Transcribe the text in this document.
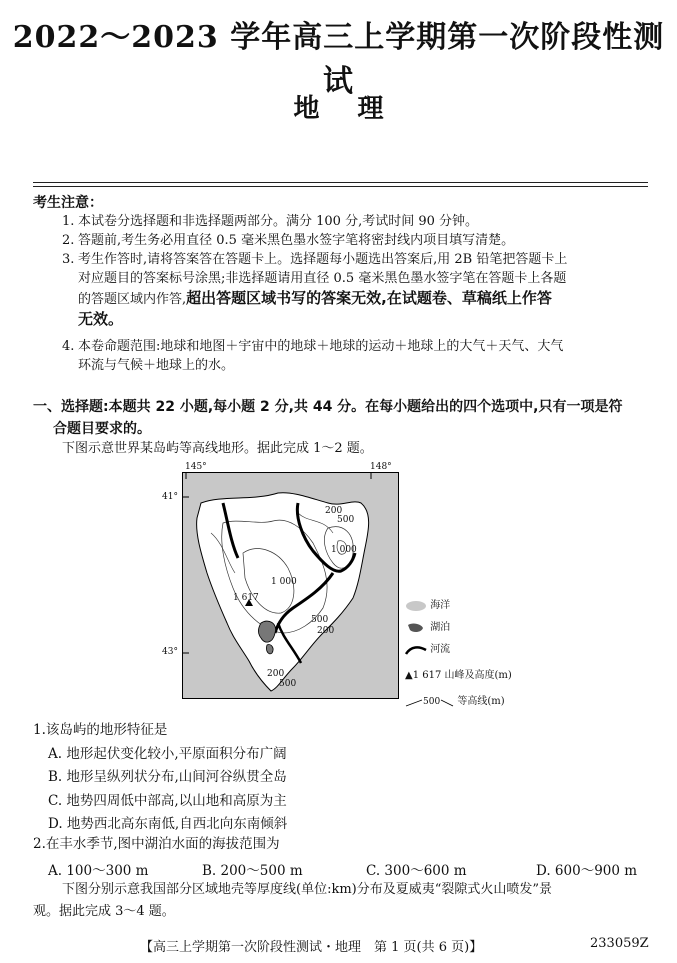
2022～2023 学年高三上学期第一次阶段性测试
地理
考生注意：
1. 本试卷分选择题和非选择题两部分。满分 100 分,考试时间 90 分钟。
2. 答题前,考生务必用直径 0.5 毫米黑色墨水签字笔将密封线内项目填写清楚。
3. 考生作答时,请将答案答在答题卡上。选择题每小题选出答案后,用 2B 铅笔把答题卡上
对应题目的答案标号涂黑;非选择题请用直径 0.5 毫米黑色墨水签字笔在答题卡上各题
的答题区域内作答,超出答题区域书写的答案无效,在试题卷、草稿纸上作答
无效。
4. 本卷命题范围:地球和地图＋宇宙中的地球＋地球的运动＋地球上的大气＋天气、大气
环流与气候＋地球上的水。
一、选择题:本题共 22 小题,每小题 2 分,共 44 分。在每小题给出的四个选项中,只有一项是符
合题目要求的。
下图示意世界某岛屿等高线地形。据此完成 1～2 题。
145°	148°
41°
43°
200
500
1 000
1 000
1 617
500
200
500
200
海洋
湖泊
河流
▲1 617 山峰及高度(m)
500 等高线(m)
1.该岛屿的地形特征是
A. 地形起伏变化较小,平原面积分布广阔
B. 地形呈纵列状分布,山间河谷纵贯全岛
C. 地势四周低中部高,以山地和高原为主
D. 地势西北高东南低,自西北向东南倾斜
2.在丰水季节,图中湖泊水面的海拔范围为
A. 100～300 m	B. 200～500 m	C. 300～600 m	D. 600～900 m
下图分别示意我国部分区域地壳等厚度线(单位:km)分布及夏威夷“裂隙式火山喷发”景
观。据此完成 3～4 题。
【高三上学期第一次阶段性测试・地理　第 1 页(共 6 页)】	233059Z
